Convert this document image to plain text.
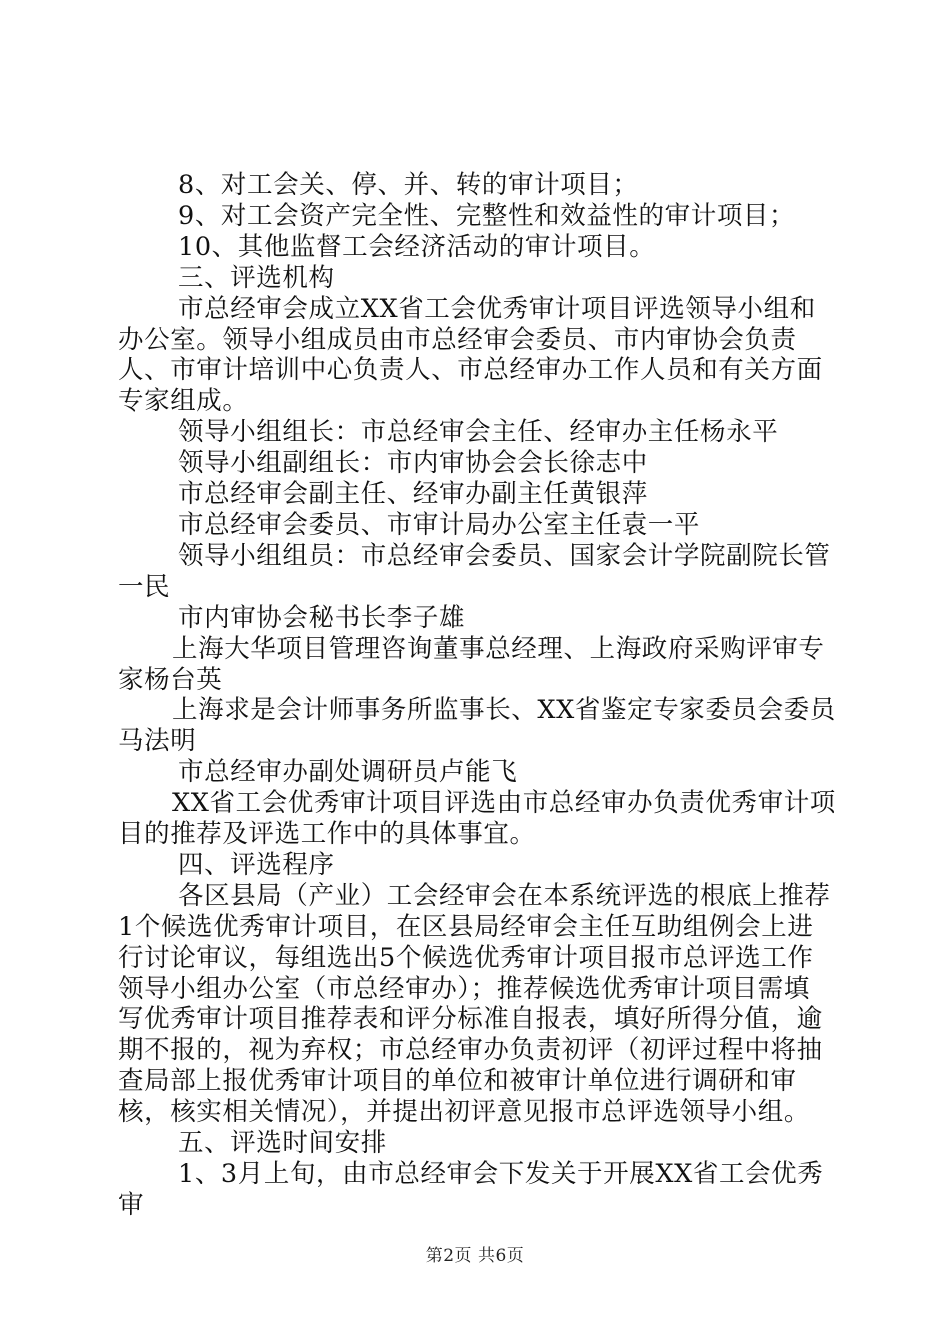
8、对工会关、停、并、转的审计项目；

9、对工会资产完全性、完整性和效益性的审计项目；

10、其他监督工会经济活动的审计项目。

三、评选机构

市总经审会成立XX省工会优秀审计项目评选领导小组和办公室。领导小组成员由市总经审会委员、市内审协会负责人、市审计培训中心负责人、市总经审办工作人员和有关方面专家组成。

领导小组组长：市总经审会主任、经审办主任杨永平

领导小组副组长：市内审协会会长徐志中

市总经审会副主任、经审办副主任黄银萍

市总经审会委员、市审计局办公室主任袁一平

领导小组组员：市总经审会委员、国家会计学院副院长管一民

市内审协会秘书长李子雄

上海大华项目管理咨询董事总经理、上海政府采购评审专家杨台英

上海求是会计师事务所监事长、XX省鉴定专家委员会委员马法明

市总经审办副处调研员卢能飞

XX省工会优秀审计项目评选由市总经审办负责优秀审计项目的推荐及评选工作中的具体事宜。

四、评选程序

各区县局（产业）工会经审会在本系统评选的根底上推荐1个候选优秀审计项目，在区县局经审会主任互助组例会上进行讨论审议，每组选出5个候选优秀审计项目报市总评选工作领导小组办公室（市总经审办）；推荐候选优秀审计项目需填写优秀审计项目推荐表和评分标准自报表，填好所得分值，逾期不报的，视为弃权；市总经审办负责初评（初评过程中将抽查局部上报优秀审计项目的单位和被审计单位进行调研和审核，核实相关情况），并提出初评意见报市总评选领导小组。

五、评选时间安排

1、3月上旬，由市总经审会下发关于开展XX省工会优秀审

第2页 共6页
